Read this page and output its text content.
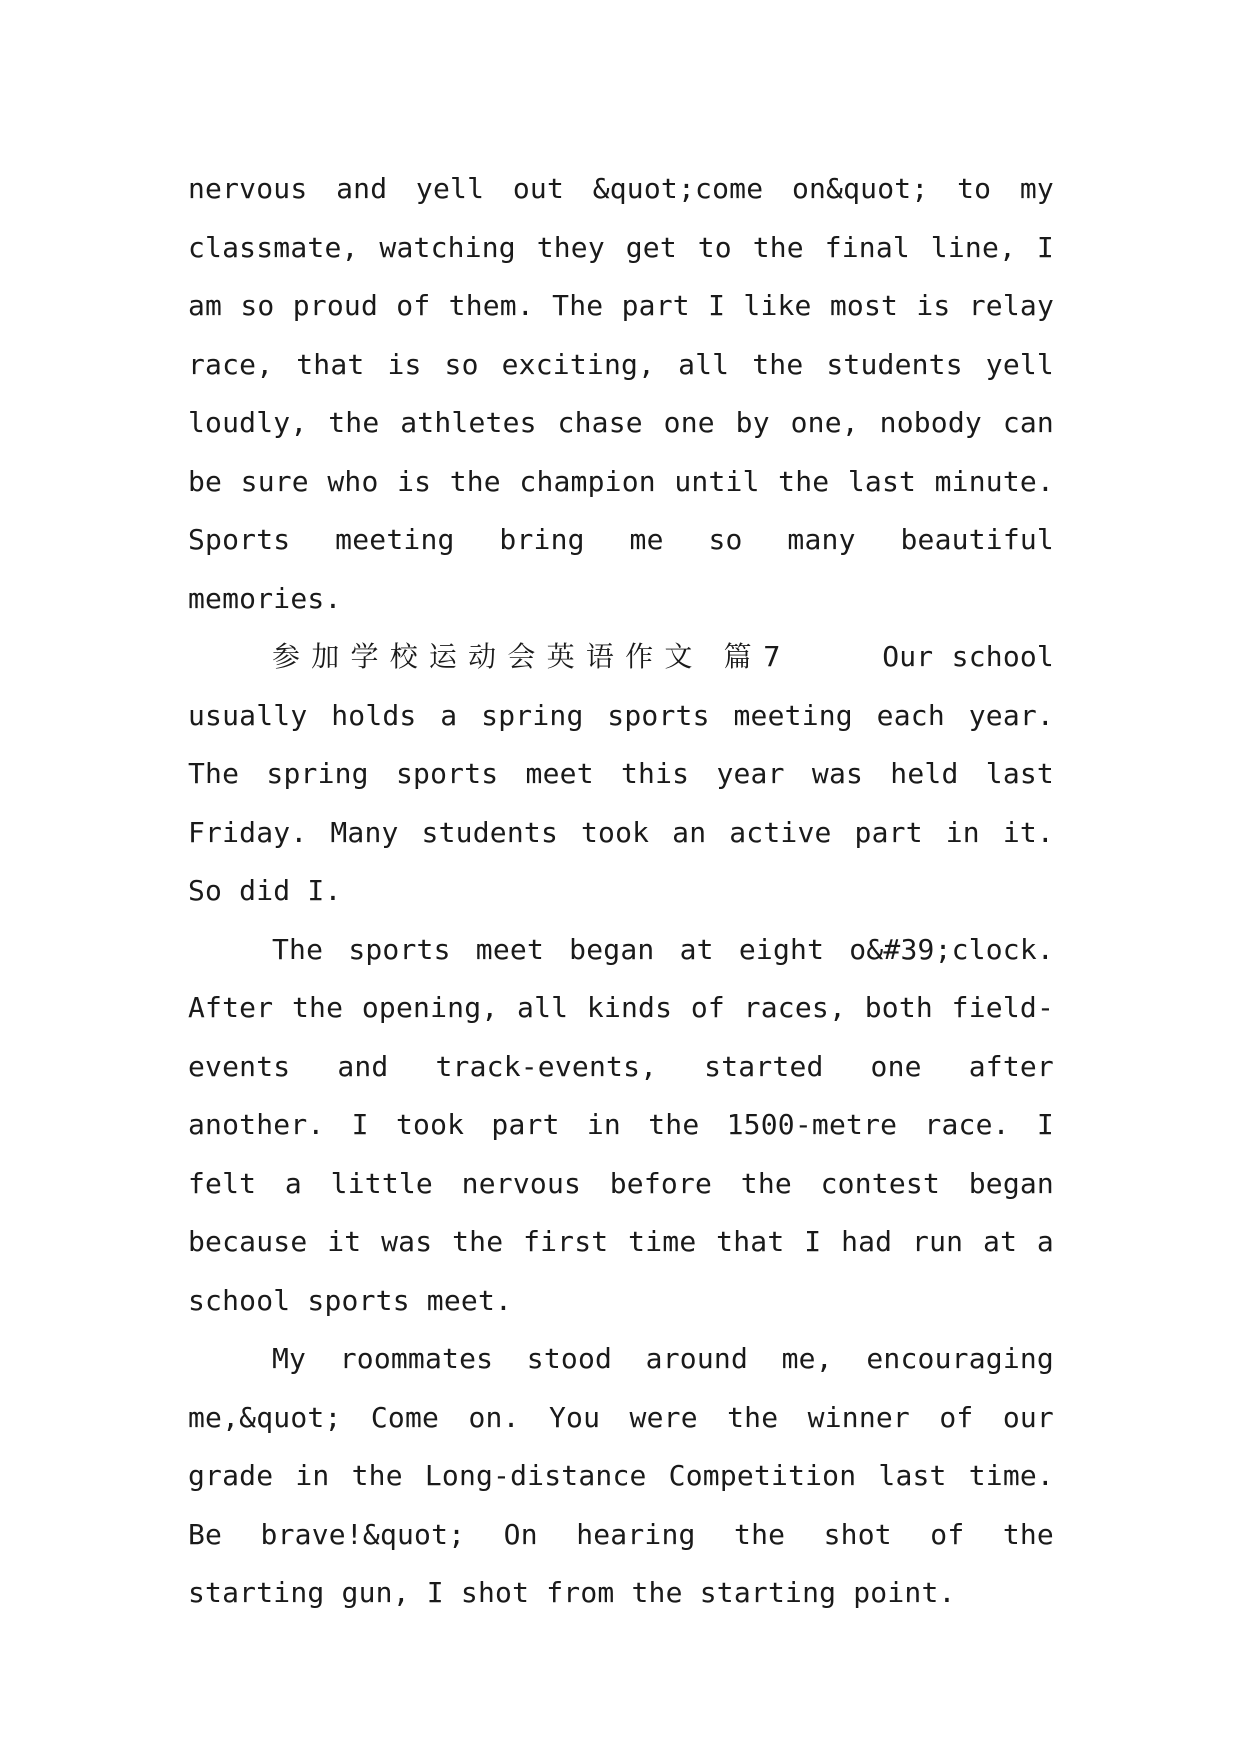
nervous and yell out &quot;come on&quot; to my classmate, watching they get to the final line, I am so proud of them. The part I like most is relay race, that is so exciting, all the students yell loudly, the athletes chase one by one, nobody can be sure who is the champion until the last minute. Sports meeting bring me so many beautiful memories.

参加学校运动会英语作文 篇7	Our school usually holds a spring sports meeting each year. The spring sports meet this year was held last Friday. Many students took an active part in it. So did I.

The sports meet began at eight o&#39;clock. After the opening, all kinds of races, both field-events and track-events, started one after another. I took part in the 1500-metre race. I felt a little nervous before the contest began because it was the first time that I had run at a school sports meet.

My roommates stood around me, encouraging me,&quot; Come on. You were the winner of our grade in the Long-distance Competition last time. Be brave!&quot; On hearing the shot of the starting gun, I shot from the starting point.
